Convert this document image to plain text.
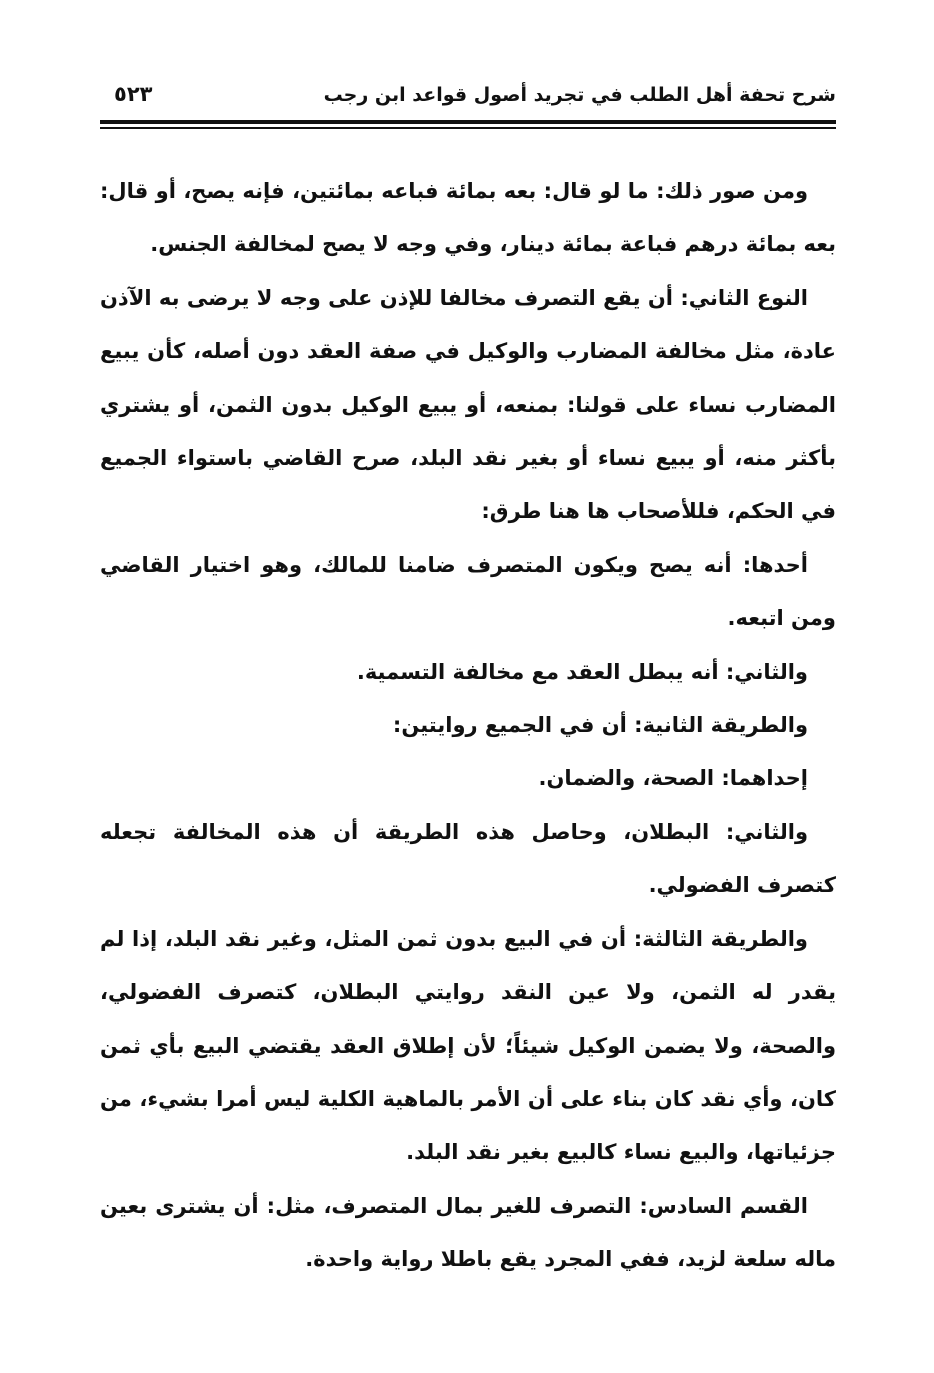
شرح تحفة أهل الطلب في تجريد أصول قواعد ابن رجب
٥٢٣

ومن صور ذلك: ما لو قال: بعه بمائة فباعه بمائتين، فإنه يصح، أو قال: بعه بمائة درهم فباعة بمائة دينار، وفي وجه لا يصح لمخالفة الجنس.

النوع الثاني: أن يقع التصرف مخالفا للإذن على وجه لا يرضى به الآذن عادة، مثل مخالفة المضارب والوكيل في صفة العقد دون أصله، كأن يبيع المضارب نساء على قولنا: بمنعه، أو يبيع الوكيل بدون الثمن، أو يشتري بأكثر منه، أو يبيع نساء أو بغير نقد البلد، صرح القاضي باستواء الجميع في الحكم، فللأصحاب ها هنا طرق:

أحدها: أنه يصح ويكون المتصرف ضامنا للمالك، وهو اختيار القاضي ومن اتبعه.

والثاني: أنه يبطل العقد مع مخالفة التسمية.

والطريقة الثانية: أن في الجميع روايتين:

إحداهما: الصحة، والضمان.

والثاني: البطلان، وحاصل هذه الطريقة أن هذه المخالفة تجعله كتصرف الفضولي.

والطريقة الثالثة: أن في البيع بدون ثمن المثل، وغير نقد البلد، إذا لم يقدر له الثمن، ولا عين النقد روايتي البطلان، كتصرف الفضولي، والصحة، ولا يضمن الوكيل شيئاً؛ لأن إطلاق العقد يقتضي البيع بأي ثمن كان، وأي نقد كان بناء على أن الأمر بالماهية الكلية ليس أمرا بشيء، من جزئياتها، والبيع نساء كالبيع بغير نقد البلد.

القسم السادس: التصرف للغير بمال المتصرف، مثل: أن يشترى بعين ماله سلعة لزيد، ففي المجرد يقع باطلا رواية واحدة.
